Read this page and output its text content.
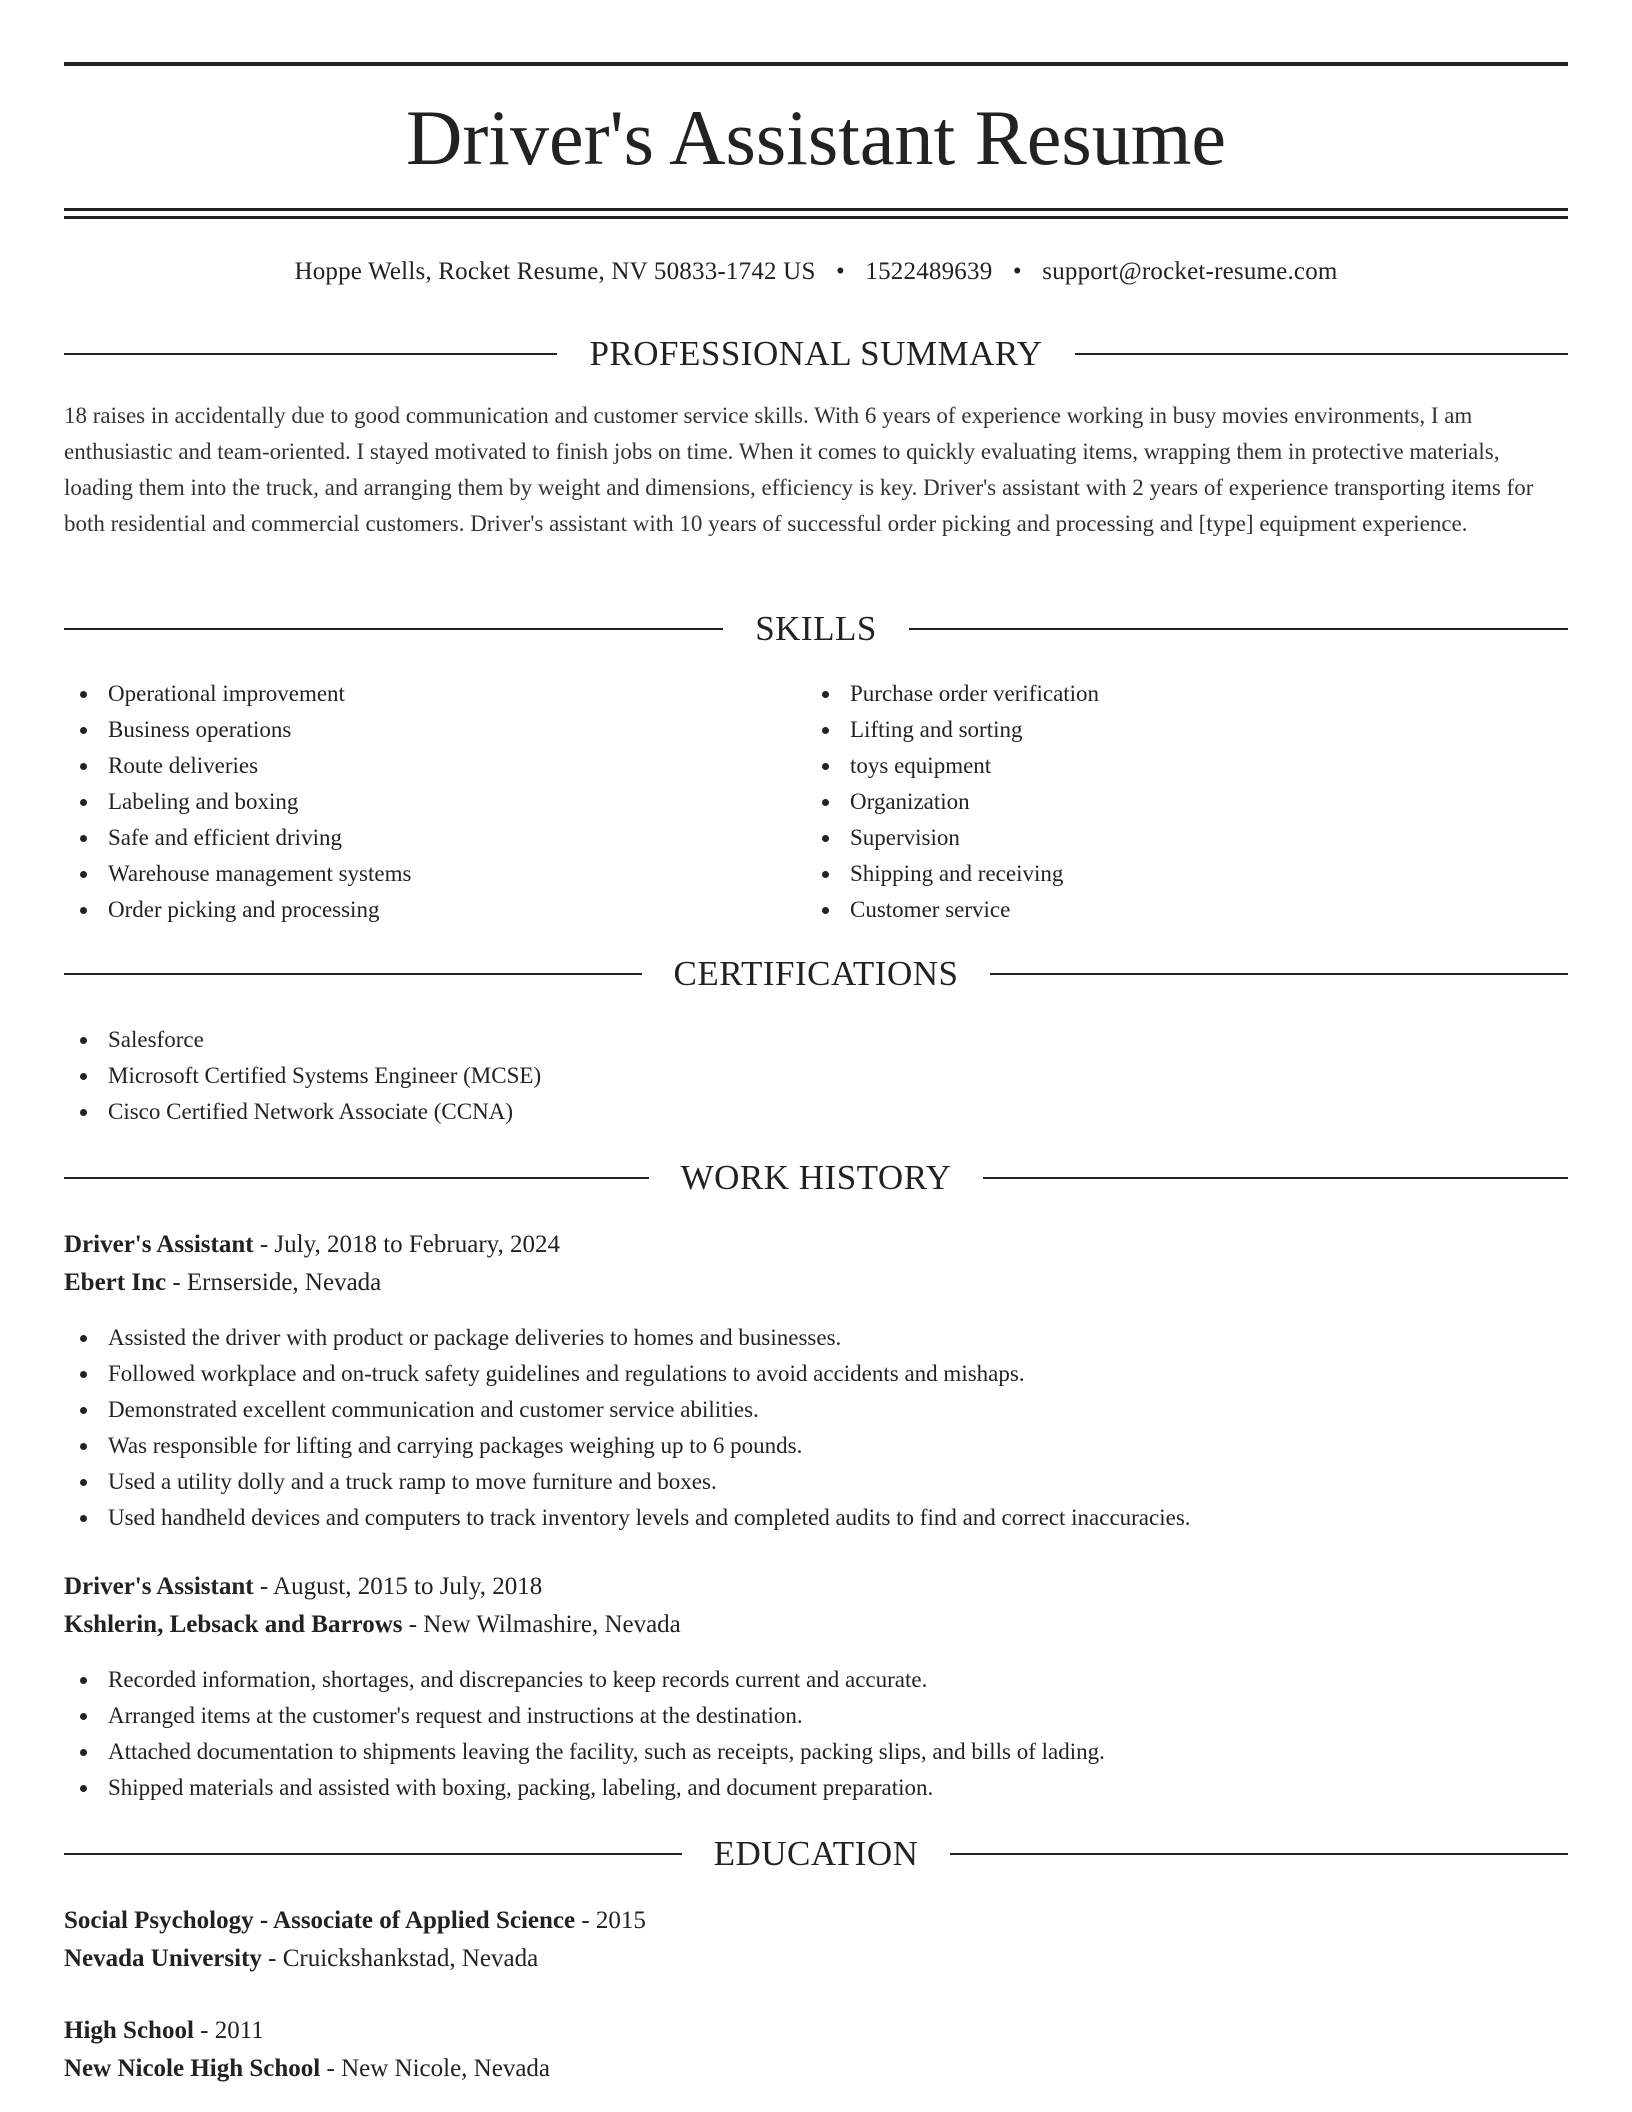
Driver's Assistant Resume
Hoppe Wells, Rocket Resume, NV 50833-1742 US • 1522489639 • support@rocket-resume.com
PROFESSIONAL SUMMARY

18 raises in accidentally due to good communication and customer service skills. With 6 years of experience working in busy movies environments, I am enthusiastic and team-oriented. I stayed motivated to finish jobs on time. When it comes to quickly evaluating items, wrapping them in protective materials, loading them into the truck, and arranging them by weight and dimensions, efficiency is key. Driver's assistant with 2 years of experience transporting items for both residential and commercial customers. Driver's assistant with 10 years of successful order picking and processing and [type] equipment experience.

SKILLS
Operational improvement
Business operations
Route deliveries
Labeling and boxing
Safe and efficient driving
Warehouse management systems
Order picking and processing
Purchase order verification
Lifting and sorting
toys equipment
Organization
Supervision
Shipping and receiving
Customer service
CERTIFICATIONS
Salesforce
Microsoft Certified Systems Engineer (MCSE)
Cisco Certified Network Associate (CCNA)
WORK HISTORY
Driver's Assistant - July, 2018 to February, 2024
Ebert Inc - Ernserside, Nevada
Assisted the driver with product or package deliveries to homes and businesses.
Followed workplace and on-truck safety guidelines and regulations to avoid accidents and mishaps.
Demonstrated excellent communication and customer service abilities.
Was responsible for lifting and carrying packages weighing up to 6 pounds.
Used a utility dolly and a truck ramp to move furniture and boxes.
Used handheld devices and computers to track inventory levels and completed audits to find and correct inaccuracies.
Driver's Assistant - August, 2015 to July, 2018
Kshlerin, Lebsack and Barrows - New Wilmashire, Nevada
Recorded information, shortages, and discrepancies to keep records current and accurate.
Arranged items at the customer's request and instructions at the destination.
Attached documentation to shipments leaving the facility, such as receipts, packing slips, and bills of lading.
Shipped materials and assisted with boxing, packing, labeling, and document preparation.
EDUCATION
Social Psychology - Associate of Applied Science - 2015
Nevada University - Cruickshankstad, Nevada
High School - 2011
New Nicole High School - New Nicole, Nevada
